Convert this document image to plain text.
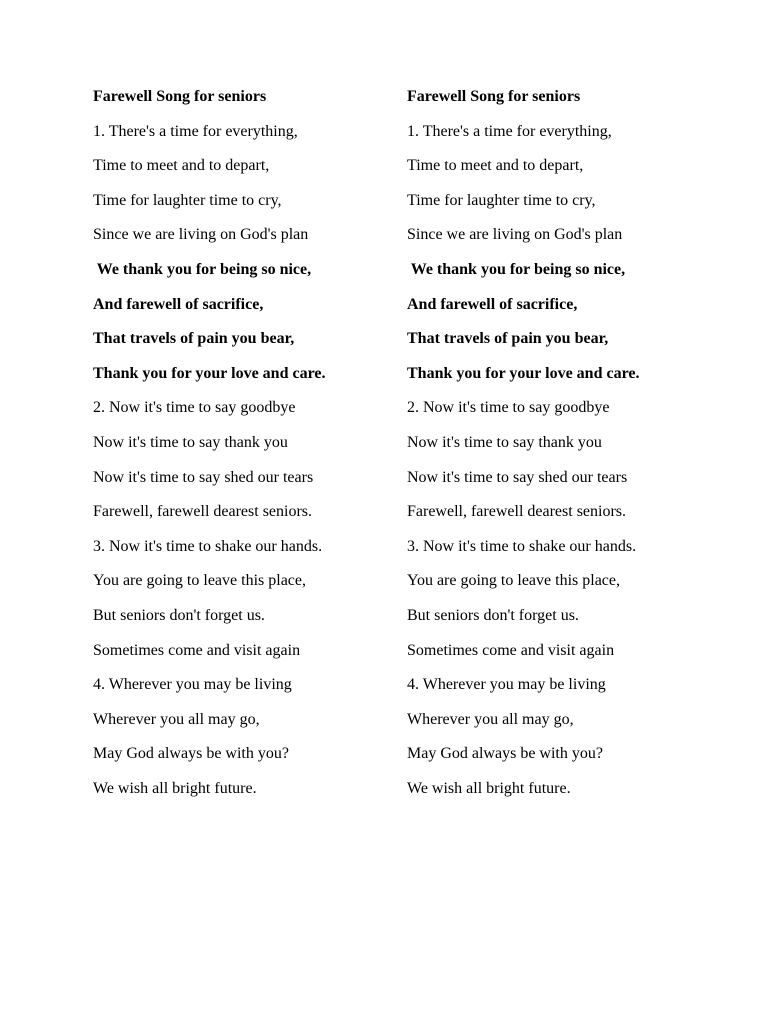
Farewell Song for seniors

1. There's a time for everything,

Time to meet and to depart,

Time for laughter time to cry,

Since we are living on God's plan

We thank you for being so nice,

And farewell of sacrifice,

That travels of pain you bear,

Thank you for your love and care.

2. Now it's time to say goodbye

Now it's time to say thank you

Now it's time to say shed our tears

Farewell, farewell dearest seniors.

3. Now it's time to shake our hands.

You are going to leave this place,

But seniors don't forget us.

Sometimes come and visit again

4. Wherever you may be living

Wherever you all may go,

May God always be with you?

We wish all bright future.

Farewell Song for seniors

1. There's a time for everything,

Time to meet and to depart,

Time for laughter time to cry,

Since we are living on God's plan

We thank you for being so nice,

And farewell of sacrifice,

That travels of pain you bear,

Thank you for your love and care.

2. Now it's time to say goodbye

Now it's time to say thank you

Now it's time to say shed our tears

Farewell, farewell dearest seniors.

3. Now it's time to shake our hands.

You are going to leave this place,

But seniors don't forget us.

Sometimes come and visit again

4. Wherever you may be living

Wherever you all may go,

May God always be with you?

We wish all bright future.
